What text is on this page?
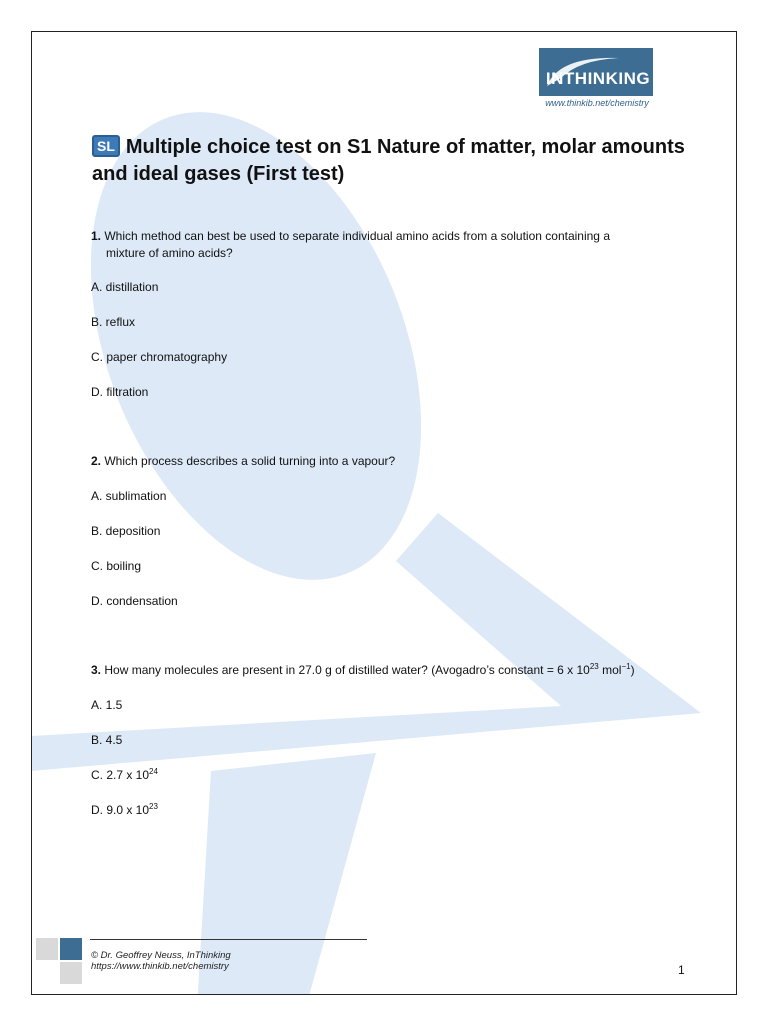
INTHINKING
www.thinkib.net/chemistry
SL Multiple choice test on S1 Nature of matter, molar amounts
and ideal gases (First test)
1. Which method can best be used to separate individual amino acids from a solution containing a
mixture of amino acids?
A. distillation
B. reflux
C. paper chromatography
D. filtration
2. Which process describes a solid turning into a vapour?
A. sublimation
B. deposition
C. boiling
D. condensation
3. How many molecules are present in 27.0 g of distilled water? (Avogadro’s constant = 6 x $10^{23}$ mol$^{-1}$)
A. 1.5
B. 4.5
C. 2.7 x $10^{24}$
D. 9.0 x $10^{23}$
© Dr. Geoffrey Neuss, InThinking
https://www.thinkib.net/chemistry	1
